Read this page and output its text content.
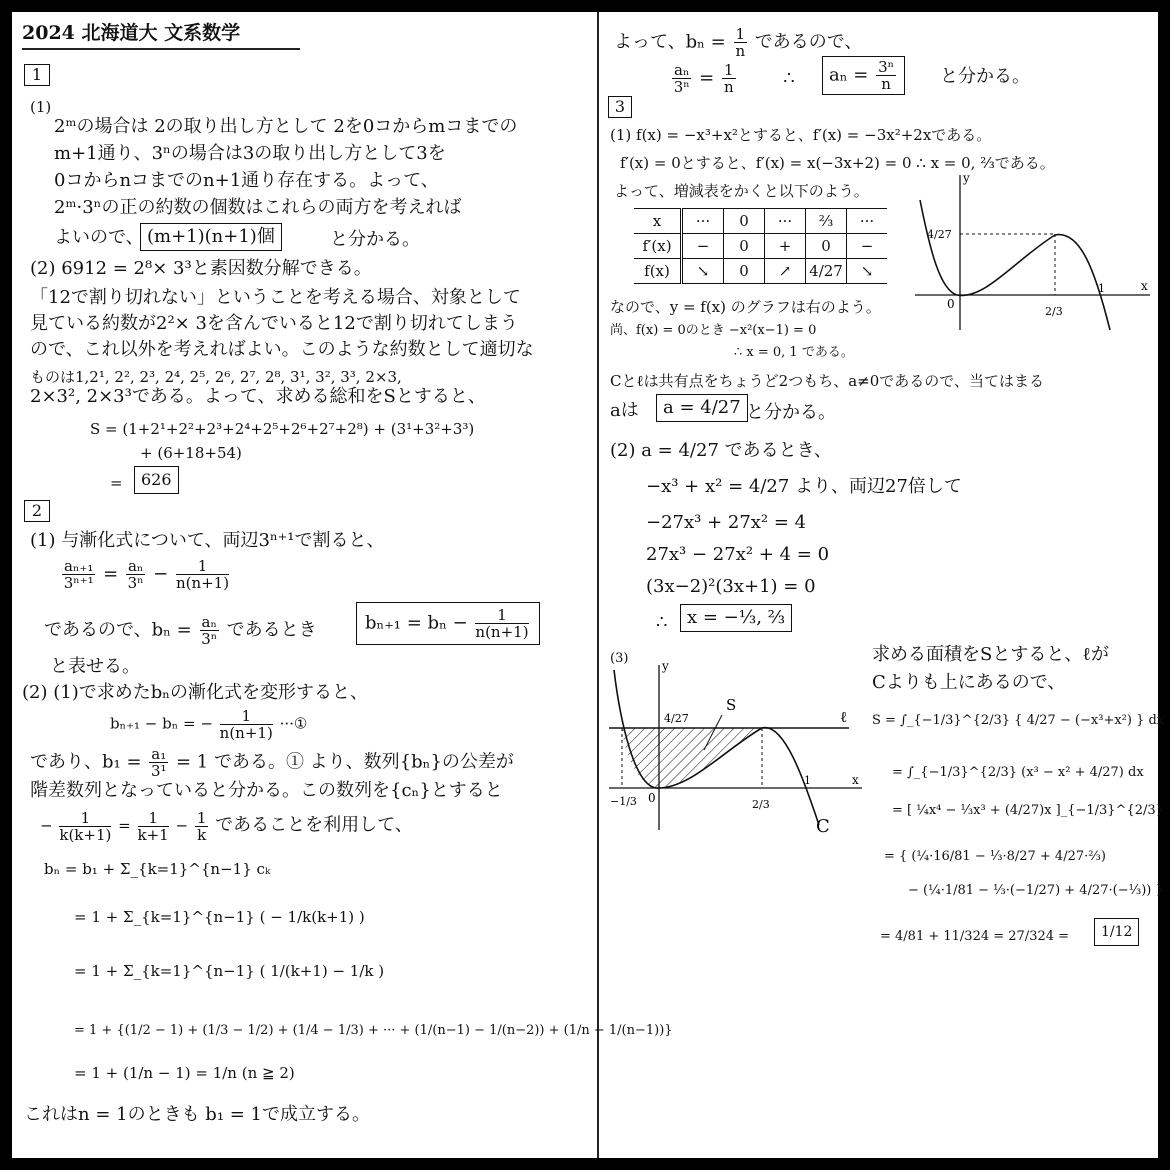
2024 北海道大 文系数学
1
(1)
2ᵐの場合は 2の取り出し方として 2を0コからmコまでの
m+1通り、3ⁿの場合は3の取り出し方として3を
0コからnコまでのn+1通り存在する。よって、
2ᵐ·3ⁿの正の約数の個数はこれらの両方を考えれば
よいので、 (m+1)(n+1)個	と分かる。
(2) 6912 = 2⁸× 3³と素因数分解できる。
「12で割り切れない」ということを考える場合、対象として
見ている約数が2²× 3を含んでいると12で割り切れてしまう
ので、これ以外を考えればよい。このような約数として適切な
ものは1,2¹, 2², 2³, 2⁴, 2⁵, 2⁶, 2⁷, 2⁸, 3¹, 3², 3³, 2×3,
2×3², 2×3³である。よって、求める総和をSとすると、
S = (1+2¹+2²+2³+2⁴+2⁵+2⁶+2⁷+2⁸) + (3¹+3²+3³)
+ (6+18+54)
=	626
2
(1) 与漸化式について、両辺3ⁿ⁺¹で割ると、
$\frac{\text{aₙ₊₁}}{\text{3ⁿ⁺¹}} = \frac{\text{aₙ}}{\text{3ⁿ}} - \frac{1}{n(n+1)}$
であるので、$b_n = \frac{\text{aₙ}}{\text{3ⁿ}}$ であるとき	$b_{n+1} = b_n - \frac{1}{n(n+1)}$
と表せる。
(2) (1)で求めたbₙの漸化式を変形すると、
bₙ₊₁ − bₙ = − $\frac{1}{n(n+1)}$ ···①
であり、$b_1 = \frac{\text{a₁}}{\text{3¹}} = 1$ である。① より、数列{bₙ}の公差が
階差数列となっていると分かる。この数列を{cₙ}とすると
− $\frac{1}{k(k+1)} = \frac{1}{k+1} - \frac{1}{k}$ であることを利用して、
bₙ = b₁ + Σ_{k=1}^{n−1} cₖ
= 1 + Σ_{k=1}^{n−1} ( − 1/k(k+1) )
= 1 + Σ_{k=1}^{n−1} ( 1/(k+1) − 1/k )
= 1 + {(1/2 − 1) + (1/3 − 1/2) + (1/4 − 1/3) + ··· + (1/(n−1) − 1/(n−2)) + (1/n − 1/(n−1))}
= 1 + (1/n − 1) = 1/n (n ≧ 2)
これはn = 1のときも b₁ = 1で成立する。
よって、$b_n = \frac{1}{n}$ であるので、
$\frac{\text{aₙ}}{\text{3ⁿ}} = \frac{1}{n}$	∴	$a_n = \frac{\text{3ⁿ}}{n}$ と分かる。
3
(1) f(x) = −x³+x²とすると、f′(x) = −3x²+2xである。
f′(x) = 0とすると、f′(x) = x(−3x+2) = 0 ∴ x = 0, ⅔である。
よって、増減表をかくと以下のよう。
x	···	0	···	⅔	···
f′(x)	−	0	+	0	−
f(x)	↘	0	↗	4/27	↘
y
x
4/27
0
2/3
1
なので、y = f(x) のグラフは右のよう。
尚、f(x) = 0のとき −x²(x−1) = 0
∴ x = 0, 1 である。
Cとℓは共有点をちょうど2つもち、a≠0であるので、当てはまる
aは	a = 4/27 と分かる。
(2) a = 4/27 であるとき、
−x³ + x² = 4/27 より、両辺27倍して
−27x³ + 27x² = 4
27x³ − 27x² + 4 = 0
(3x−2)²(3x+1) = 0
∴	x = −⅓, ⅔
(3)	y
x
4/27
S
ℓ
C
−1/3 0	2/3
1
求める面積をSとすると、ℓが
Cよりも上にあるので、
S = ∫_{−1/3}^{2/3} { 4/27 − (−x³+x²) } dx
= ∫_{−1/3}^{2/3} (x³ − x² + 4/27) dx
= [ ¼x⁴ − ⅓x³ + (4/27)x ]_{−1/3}^{2/3}
= { (¼·16/81 − ⅓·8/27 + 4/27·⅔)
− (¼·1/81 − ⅓·(−1/27) + 4/27·(−⅓)) }
= 4/81 + 11/324 = 27/324 =	1/12
